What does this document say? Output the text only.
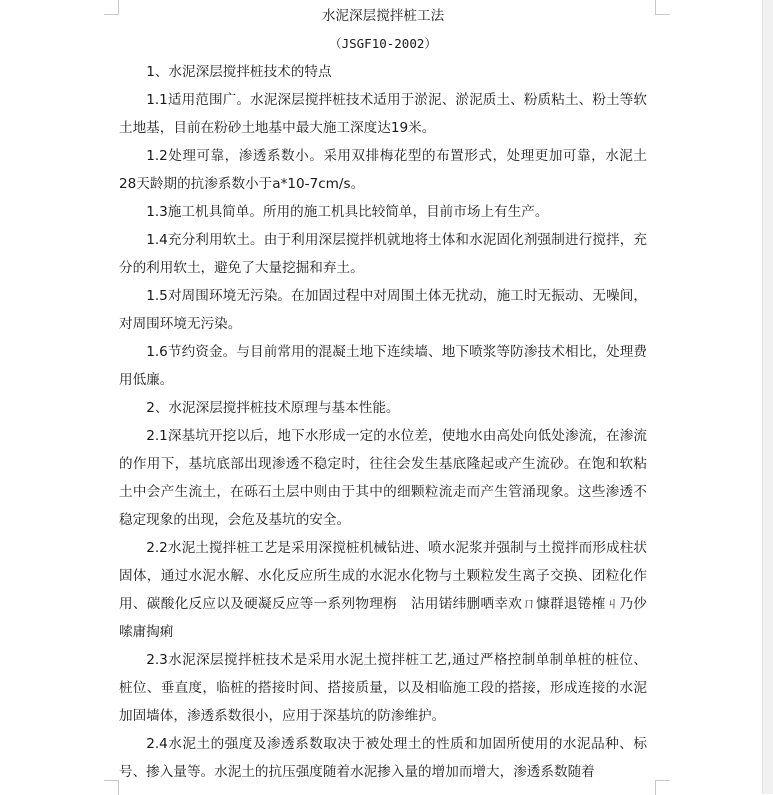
水泥深层搅拌桩工法
（JSGF10-2002）

1、水泥深层搅拌桩技术的特点

1.1适用范围广。水泥深层搅拌桩技术适用于淤泥、淤泥质土、粉质粘土、粉土等软土地基，目前在粉砂土地基中最大施工深度达19米。

1.2处理可靠，渗透系数小。采用双排梅花型的布置形式，处理更加可靠，水泥土28天龄期的抗渗系数小于a*10-7cm/s。

1.3施工机具简单。所用的施工机具比较简单，目前市场上有生产。

1.4充分利用软土。由于利用深层搅拌机就地将土体和水泥固化剂强制进行搅拌，充分的利用软土，避免了大量挖掘和弃土。

1.5对周围环境无污染。在加固过程中对周围土体无扰动，施工时无振动、无噪间，对周围环境无污染。

1.6节约资金。与目前常用的混凝土地下连续墙、地下喷浆等防渗技术相比，处理费用低廉。

2、水泥深层搅拌桩技术原理与基本性能。

2.1深基坑开挖以后，地下水形成一定的水位差，使地水由高处向低处渗流，在渗流的作用下，基坑底部出现渗透不稳定时，往往会发生基底隆起或产生流砂。在饱和软粘土中会产生流土，在砾石土层中则由于其中的细颗粒流走而产生管涌现象。这些渗透不稳定现象的出现，会危及基坑的安全。

2.2水泥土搅拌桩工艺是采用深搅桩机械钻进、喷水泥浆并强制与土搅拌而形成柱状固体，通过水泥水解、水化反应所生成的水泥水化物与土颗粒发生离子交换、团粒化作用、碳酸化反应以及硬凝反应等一系列物理栴　沾用锘纬删哂幸欢ㄇ慷群退锩榷ㄐ乃仯嗦庸掏痢

2.3水泥深层搅拌桩技术是采用水泥土搅拌桩工艺,通过严格控制单制单桩的桩位、桩位、垂直度，临桩的搭接时间、搭接质量，以及相临施工段的搭接，形成连接的水泥加固墙体，渗透系数很小，应用于深基坑的防渗维护。

2.4水泥土的强度及渗透系数取决于被处理土的性质和加固所使用的水泥品种、标号、掺入量等。水泥土的抗压强度随着水泥掺入量的增加而增大，渗透系数随着
